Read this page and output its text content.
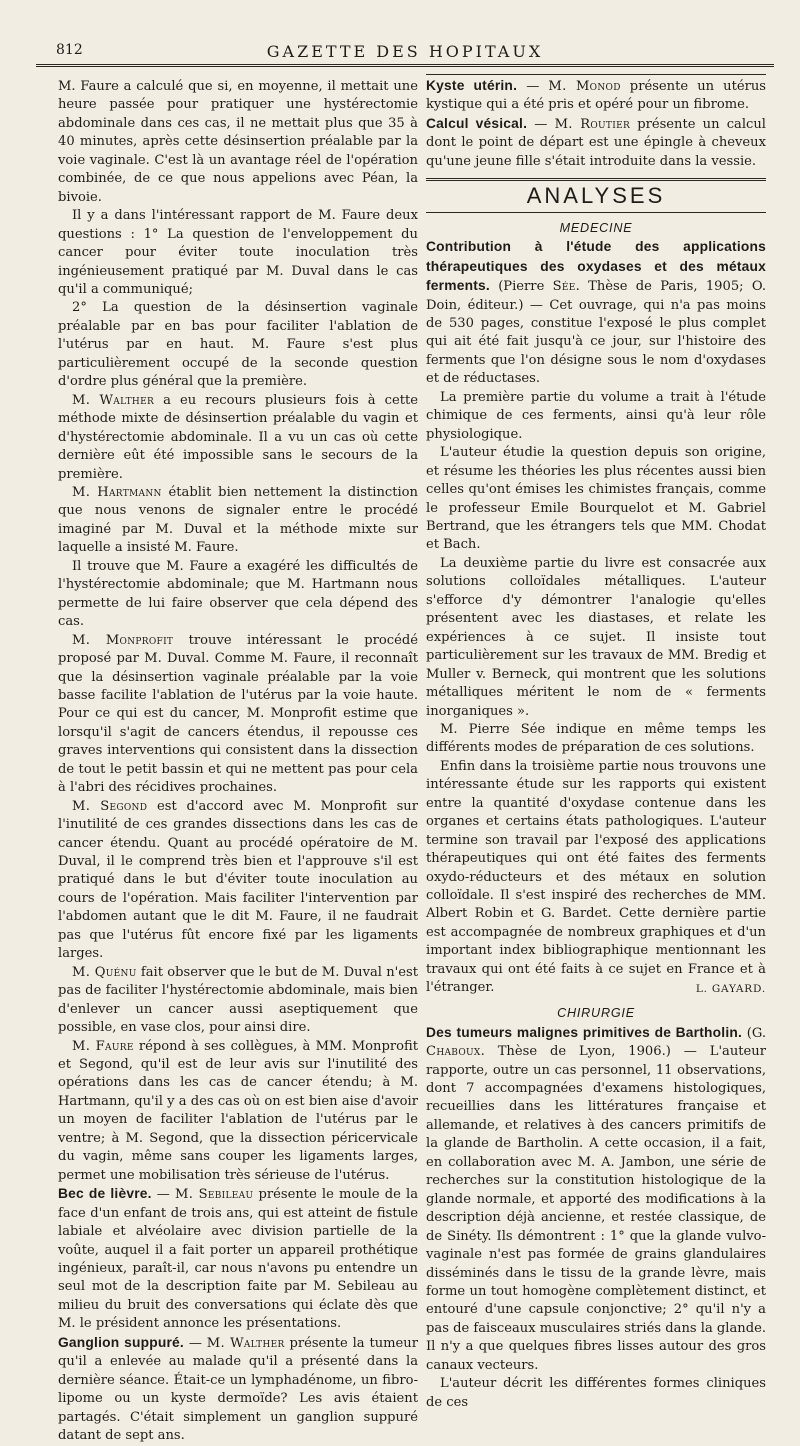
812	GAZETTE DES HOPITAUX

M. Faure a calculé que si, en moyenne, il mettait une heure passée pour pratiquer une hystérectomie abdominale dans ces cas, il ne mettait plus que 35 à 40 minutes, après cette désinsertion préalable par la voie vaginale. C'est là un avantage réel de l'opération combinée, de ce que nous appelions avec Péan, la bivoie.

Il y a dans l'intéressant rapport de M. Faure deux questions : 1° La question de l'enveloppement du cancer pour éviter toute inoculation très ingénieusement pratiqué par M. Duval dans le cas qu'il a communiqué;

2° La question de la désinsertion vaginale préalable par en bas pour faciliter l'ablation de l'utérus par en haut. M. Faure s'est plus particulièrement occupé de la seconde question d'ordre plus général que la première.

M. Walther a eu recours plusieurs fois à cette méthode mixte de désinsertion préalable du vagin et d'hystérectomie abdominale. Il a vu un cas où cette dernière eût été impossible sans le secours de la première.

M. Hartmann établit bien nettement la distinction que nous venons de signaler entre le procédé imaginé par M. Duval et la méthode mixte sur laquelle a insisté M. Faure.

Il trouve que M. Faure a exagéré les difficultés de l'hystérectomie abdominale; que M. Hartmann nous permette de lui faire observer que cela dépend des cas.

M. Monprofit trouve intéressant le procédé proposé par M. Duval. Comme M. Faure, il reconnaît que la désinsertion vaginale préalable par la voie basse facilite l'ablation de l'utérus par la voie haute. Pour ce qui est du cancer, M. Monprofit estime que lorsqu'il s'agit de cancers étendus, il repousse ces graves interventions qui consistent dans la dissection de tout le petit bassin et qui ne mettent pas pour cela à l'abri des récidives prochaines.

M. Segond est d'accord avec M. Monprofit sur l'inutilité de ces grandes dissections dans les cas de cancer étendu. Quant au procédé opératoire de M. Duval, il le comprend très bien et l'approuve s'il est pratiqué dans le but d'éviter toute inoculation au cours de l'opération. Mais faciliter l'intervention par l'abdomen autant que le dit M. Faure, il ne faudrait pas que l'utérus fût encore fixé par les ligaments larges.

M. Quénu fait observer que le but de M. Duval n'est pas de faciliter l'hystérectomie abdominale, mais bien d'enlever un cancer aussi aseptiquement que possible, en vase clos, pour ainsi dire.

M. Faure répond à ses collègues, à MM. Monprofit et Segond, qu'il est de leur avis sur l'inutilité des opérations dans les cas de cancer étendu; à M. Hartmann, qu'il y a des cas où on est bien aise d'avoir un moyen de faciliter l'ablation de l'utérus par le ventre; à M. Segond, que la dissection péricervicale du vagin, même sans couper les ligaments larges, permet une mobilisation très sérieuse de l'utérus.

Bec de lièvre. — M. Sebileau présente le moule de la face d'un enfant de trois ans, qui est atteint de fistule labiale et alvéolaire avec division partielle de la voûte, auquel il a fait porter un appareil prothétique ingénieux, paraît-il, car nous n'avons pu entendre un seul mot de la description faite par M. Sebileau au milieu du bruit des conversations qui éclate dès que M. le président annonce les présentations.

Ganglion suppuré. — M. Walther présente la tumeur qu'il a enlevée au malade qu'il a présenté dans la dernière séance. Était-ce un lymphadénome, un fibro-lipome ou un kyste dermoïde? Les avis étaient partagés. C'était simplement un ganglion suppuré datant de sept ans.

Kyste utérin. — M. Monod présente un utérus kystique qui a été pris et opéré pour un fibrome.

Calcul vésical. — M. Routier présente un calcul dont le point de départ est une épingle à cheveux qu'une jeune fille s'était introduite dans la vessie.

ANALYSES
MEDECINE

Contribution à l'étude des applications thérapeutiques des oxydases et des métaux ferments. (Pierre Sée. Thèse de Paris, 1905; O. Doin, éditeur.) — Cet ouvrage, qui n'a pas moins de 530 pages, constitue l'exposé le plus complet qui ait été fait jusqu'à ce jour, sur l'histoire des ferments que l'on désigne sous le nom d'oxydases et de réductases.

La première partie du volume a trait à l'étude chimique de ces ferments, ainsi qu'à leur rôle physiologique.

L'auteur étudie la question depuis son origine, et résume les théories les plus récentes aussi bien celles qu'ont émises les chimistes français, comme le professeur Emile Bourquelot et M. Gabriel Bertrand, que les étrangers tels que MM. Chodat et Bach.

La deuxième partie du livre est consacrée aux solutions colloïdales métalliques. L'auteur s'efforce d'y démontrer l'analogie qu'elles présentent avec les diastases, et relate les expériences à ce sujet. Il insiste tout particulièrement sur les travaux de MM. Bredig et Muller v. Berneck, qui montrent que les solutions métalliques méritent le nom de « ferments inorganiques ».

M. Pierre Sée indique en même temps les différents modes de préparation de ces solutions.

Enfin dans la troisième partie nous trouvons une intéressante étude sur les rapports qui existent entre la quantité d'oxydase contenue dans les organes et certains états pathologiques. L'auteur termine son travail par l'exposé des applications thérapeutiques qui ont été faites des ferments oxydo-réducteurs et des métaux en solution colloïdale. Il s'est inspiré des recherches de MM. Albert Robin et G. Bardet. Cette dernière partie est accompagnée de nombreux graphiques et d'un important index bibliographique mentionnant les travaux qui ont été faits à ce sujet en France et à l'étranger.	L. GAYARD.
CHIRURGIE

Des tumeurs malignes primitives de Bartholin. (G. Chaboux. Thèse de Lyon, 1906.) — L'auteur rapporte, outre un cas personnel, 11 observations, dont 7 accompagnées d'examens histologiques, recueillies dans les littératures française et allemande, et relatives à des cancers primitifs de la glande de Bartholin. A cette occasion, il a fait, en collaboration avec M. A. Jambon, une série de recherches sur la constitution histologique de la glande normale, et apporté des modifications à la description déjà ancienne, et restée classique, de de Sinéty. Ils démontrent : 1° que la glande vulvo-vaginale n'est pas formée de grains glandulaires disséminés dans le tissu de la grande lèvre, mais forme un tout homogène complètement distinct, et entouré d'une capsule conjonctive; 2° qu'il n'y a pas de faisceaux musculaires striés dans la glande. Il n'y a que quelques fibres lisses autour des gros canaux vecteurs.

L'auteur décrit les différentes formes cliniques de ces
